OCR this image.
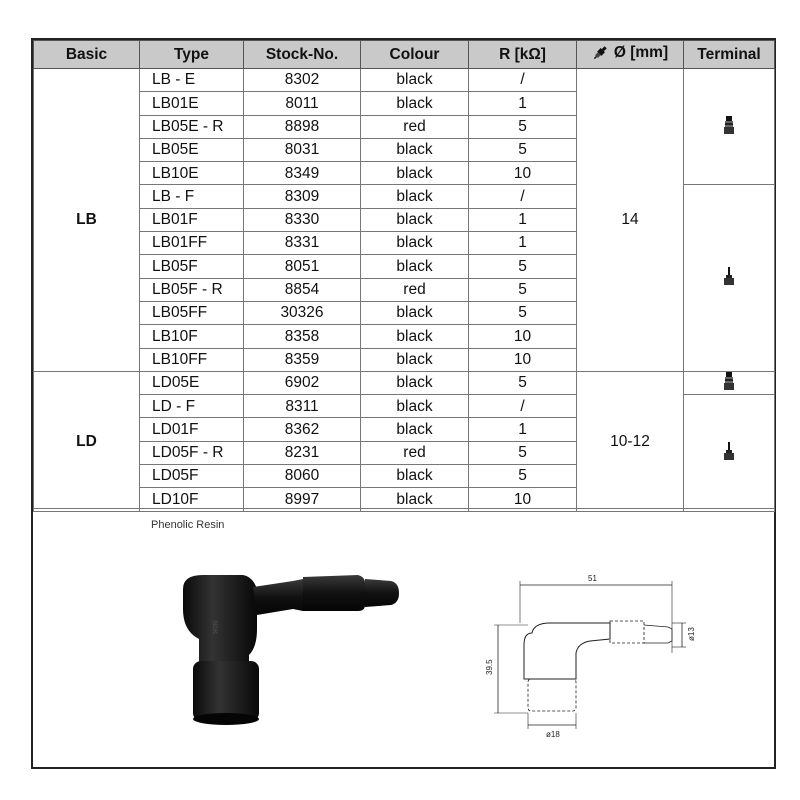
Basic	Type	Stock-No.	Colour	R [kΩ]	Ø [mm]	Terminal
LB	LB - E	8302	black	/	14	
	LB01E	8011	black	1		
	LB05E - R	8898	red	5		
	LB05E	8031	black	5		
	LB10E	8349	black	10		
	LB - F	8309	black	/	
	LB01F	8330	black	1		
	LB01FF	8331	black	1		
	LB05F	8051	black	5		
	LB05F - R	8854	red	5		
	LB05FF	30326	black	5		
	LB10F	8358	black	10		
	LB10FF	8359	black	10		
LD	LD05E	6902	black	5	10-12	
	LD - F	8311	black	/	
	LD01F	8362	black	1		
	LD05F - R	8231	red	5		
	LD05F	8060	black	5		
	LD10F	8997	black	10		
Phenolic Resin
NGK
51
39.5
ø13
ø18
